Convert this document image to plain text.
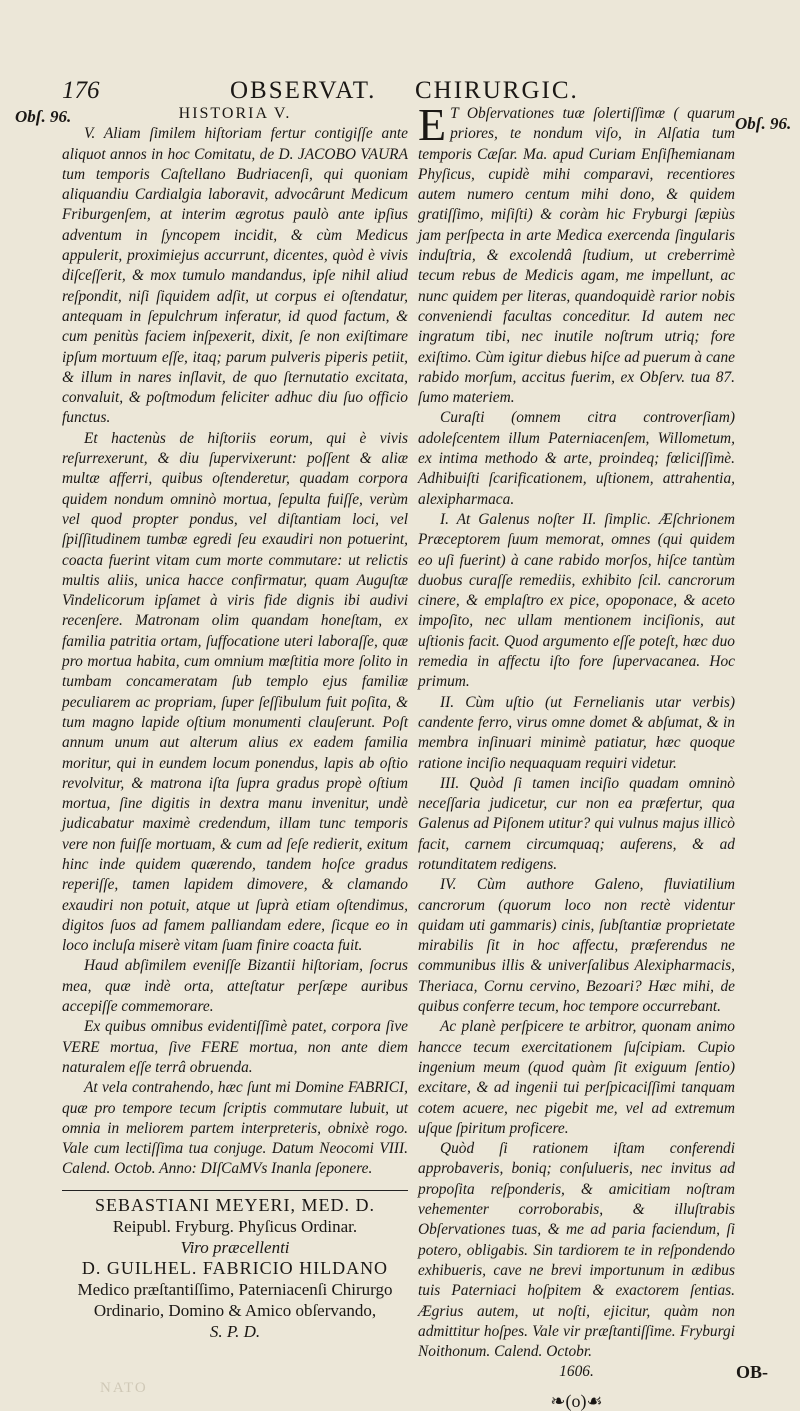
176	OBSERVAT. CHIRURGIC.
Obſ. 96.	Obſ. 96.

HISTORIA V.

V. Aliam ſimilem hiſtoriam fertur contigiſſe ante aliquot annos in hoc Comitatu, de D. JACOBO VAURA tum temporis Caſtellano Budriacenſi, qui quoniam aliquandiu Cardialgia laboravit, advocârunt Medicum Friburgenſem, at interim ægrotus paulò ante ipſius adventum in ſyncopem incidit, & cùm Medicus appulerit, proximiejus accurrunt, dicentes, quòd è vivis diſceſſerit, & mox tumulo mandandus, ipſe nihil aliud reſpondit, niſi ſiquidem adſit, ut corpus ei oſtendatur, antequam in ſepulchrum inferatur, id quod factum, & cum penitùs faciem inſpexerit, dixit, ſe non exiſtimare ipſum mortuum eſſe, itaq; parum pulveris piperis petiit, & illum in nares inſlavit, de quo ſternutatio excitata, convaluit, & poſtmodum feliciter adhuc diu ſuo officio functus.

Et hactenùs de hiſtoriis eorum, qui è vivis reſurrexerunt, & diu ſupervixerunt: poſſent & aliæ multæ afferri, quibus oſtenderetur, quadam corpora quidem nondum omninò mortua, ſepulta fuiſſe, verùm vel quod propter pondus, vel diſtantiam loci, vel ſpiſſitudinem tumbæ egredi ſeu exaudiri non potuerint, coacta fuerint vitam cum morte commutare: ut relictis multis aliis, unica hacce confirmatur, quam Auguſtæ Vindelicorum ipſamet à viris fide dignis ibi audivi recenſere. Matronam olim quandam honeſtam, ex familia patritia ortam, ſuffocatione uteri laboraſſe, quæ pro mortua habita, cum omnium mœſtitia more ſolito in tumbam concameratam ſub templo ejus familiæ peculiarem ac propriam, ſuper ſeſſibulum fuit poſita, & tum magno lapide oſtium monumenti clauſerunt. Poſt annum unum aut alterum alius ex eadem familia moritur, qui in eundem locum ponendus, lapis ab oſtio revolvitur, & matrona iſta ſupra gradus propè oſtium mortua, ſine digitis in dextra manu invenitur, undè judicabatur maximè credendum, illam tunc temporis vere non fuiſſe mortuam, & cum ad ſeſe redierit, exitum hinc inde quidem quærendo, tandem hoſce gradus reperiſſe, tamen lapidem dimovere, & clamando exaudiri non potuit, atque ut ſuprà etiam oſtendimus, digitos ſuos ad famem palliandam edere, ſicque eo in loco incluſa miserè vitam ſuam finire coacta fuit.

Haud abſimilem eveniſſe Bizantii hiſtoriam, ſocrus mea, quæ indè orta, atteſtatur perſæpe auribus accepiſſe commemorare.

Ex quibus omnibus evidentiſſimè patet, corpora ſive VERE mortua, ſive FERE mortua, non ante diem naturalem eſſe terrâ obruenda.

At vela contrahendo, hæc ſunt mi Domine FABRICI, quæ pro tempore tecum ſcriptis commutare lubuit, ut omnia in meliorem partem interpreteris, obnixè rogo. Vale cum lectiſſima tua conjuge. Datum Neocomi VIII. Calend. Octob. Anno: DIſCaMVs Inanla ſeponere.

SEBASTIANI MEYERI, MED. D.
Reipubl. Fryburg. Phyſicus Ordinar.
Viro præcellenti
D. GUILHEL. FABRICIO HILDANO
Medico præſtantiſſimo, Paterniacenſi Chirurgo Ordinario, Domino & Amico obſervando,
S. P. D.

E T Obſervationes tuæ ſolertiſſimæ ( quarum priores, te nondum viſo, in Alſatia tum temporis Cæſar. Ma. apud Curiam Enſiſhemianam Phyſicus, cupidè mihi comparavi, recentiores autem numero centum mihi dono, & quidem gratiſſimo, miſiſti) & coràm hic Fryburgi ſæpiùs jam perſpecta in arte Medica exercenda ſingularis induſtria, & excolendâ ſtudium, ut creberrimè tecum rebus de Medicis agam, me impellunt, ac nunc quidem per literas, quandoquidè rarior nobis conveniendi facultas conceditur. Id autem nec ingratum tibi, nec inutile noſtrum utriq; fore exiſtimo. Cùm igitur diebus hiſce ad puerum à cane rabido morſum, accitus fuerim, ex Obſerv. tua 87. ſumo materiem.

Curaſti (omnem citra controverſiam) adoleſcentem illum Paterniacenſem, Willometum, ex intima methodo & arte, proindeq; fœliciſſimè. Adhibuiſti ſcarificationem, uſtionem, attrahentia, alexipharmaca.

I. At Galenus noſter II. ſimplic. Æſchrionem Præceptorem ſuum memorat, omnes (qui quidem eo uſi fuerint) à cane rabido morſos, hiſce tantùm duobus curaſſe remediis, exhibito ſcil. cancrorum cinere, & emplaſtro ex pice, opoponace, & aceto impoſito, nec ullam mentionem inciſionis, aut uſtionis facit. Quod argumento eſſe poteſt, hæc duo remedia in affectu iſto fore ſupervacanea. Hoc primum.

II. Cùm uſtio (ut Fernelianis utar verbis) candente ferro, virus omne domet & abſumat, & in membra inſinuari minimè patiatur, hæc quoque ratione inciſio nequaquam requiri videtur.

III. Quòd ſi tamen inciſio quadam omninò neceſſaria judicetur, cur non ea præfertur, qua Galenus ad Piſonem utitur? qui vulnus majus illicò facit, carnem circumquaq; auferens, & ad rotunditatem redigens.

IV. Cùm authore Galeno, fluviatilium cancrorum (quorum loco non rectè videntur quidam uti gammaris) cinis, ſubſtantiæ proprietate mirabilis ſit in hoc affectu, præferendus ne communibus illis & univerſalibus Alexipharmacis, Theriaca, Cornu cervino, Bezoari? Hæc mihi, de quibus conferre tecum, hoc tempore occurrebant.

Ac planè perſpicere te arbitror, quonam animo hancce tecum exercitationem ſuſcipiam. Cupio ingenium meum (quod quàm ſit exiguum ſentio) excitare, & ad ingenii tui perſpicaciſſimi tanquam cotem acuere, nec pigebit me, vel ad extremum uſque ſpiritum proficere.

Quòd ſi rationem iſtam conferendi approbaveris, boniq; conſulueris, nec invitus ad propoſita reſponderis, & amicitiam noſtram vehementer corroborabis, & illuſtrabis Obſervationes tuas, & me ad paria faciendum, ſi potero, obligabis. Sin tardiorem te in reſpondendo exhibueris, cave ne brevi importunum in ædibus tuis Paterniaci hoſpitem & exactorem ſentias. Ægrius autem, ut noſti, ejicitur, quàm non admittitur hoſpes. Vale vir præſtantiſſime. Fryburgi Noithonum. Calend. Octobr.

1606.

❧(o)☙
OB-
NATO
